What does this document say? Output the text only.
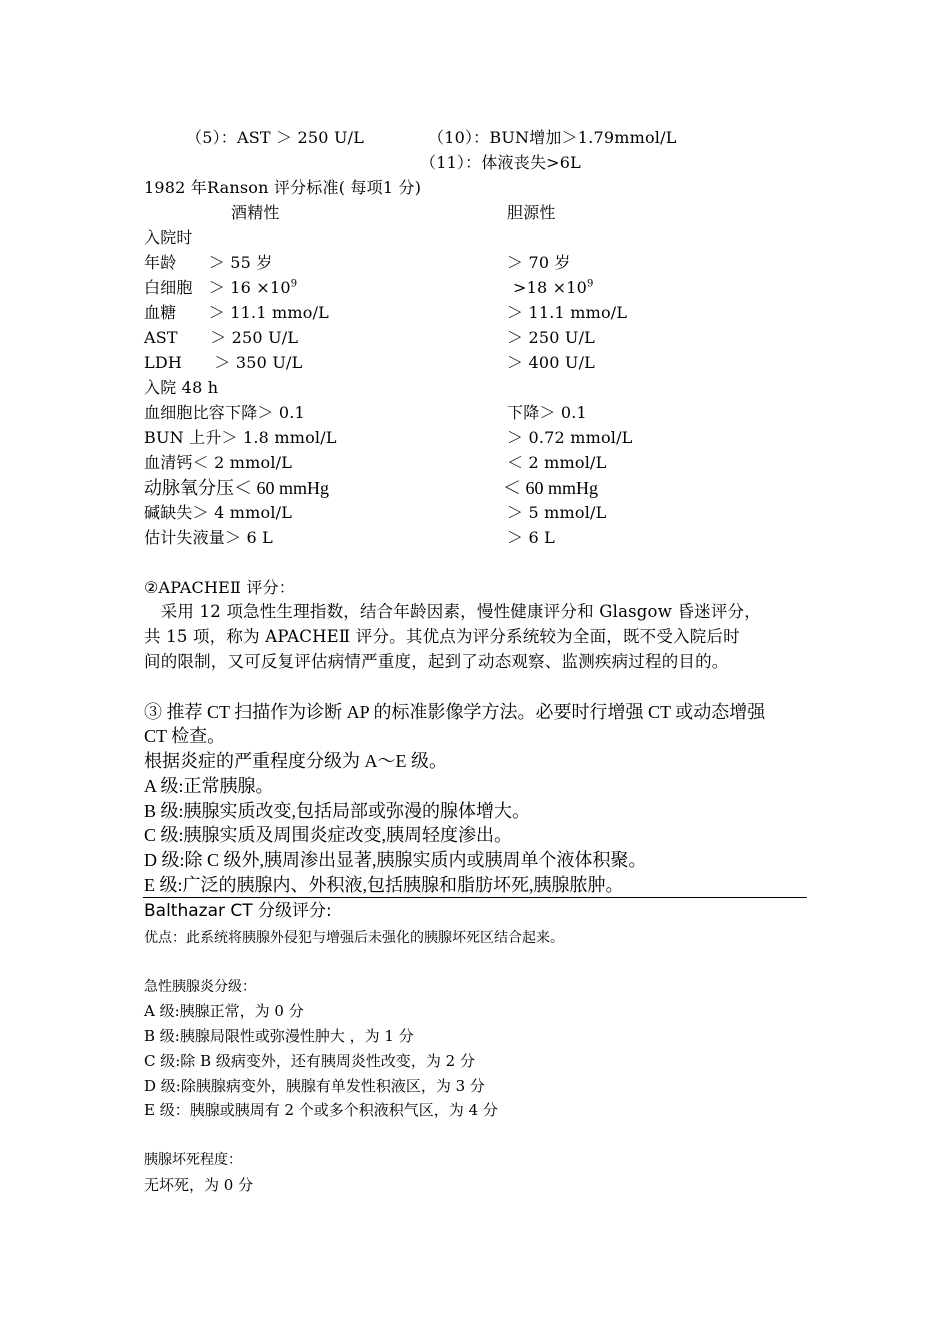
（5）：AST ＞ 250 U/L	（10）：BUN增加＞1.79mmol/L
（11）：体液丧失>6L
1982 年Ranson 评分标准( 每项1 分)
酒精性	胆源性
入院时
年龄　　＞ 55 岁	＞ 70 岁
白细胞　＞ $16 \times 10^9$	$>18 \times 10^9$
血糖　　＞ 11.1 mmo/L	＞ 11.1 mmo/L
AST　　＞ 250 U/L	＞ 250 U/L
LDH　　＞ 350 U/L	＞ 400 U/L
入院 48 h
血细胞比容下降＞ 0.1	下降＞ 0.1
BUN 上升＞ 1.8 mmol/L	＞ 0.72 mmol/L
血清钙＜ 2 mmol/L	＜ 2 mmol/L
动脉氧分压＜ 60 mmHg	＜ 60 mmHg
碱缺失＞ 4 mmol/L	＞ 5 mmol/L
估计失液量＞ 6 L	＞ 6 L
②APACHEⅡ 评分：
　采用 12 项急性生理指数，结合年龄因素，慢性健康评分和 Glasgow 昏迷评分，
共 15 项，称为 APACHEⅡ 评分。其优点为评分系统较为全面，既不受入院后时
间的限制，又可反复评估病情严重度，起到了动态观察、监测疾病过程的目的。
③ 推荐 CT 扫描作为诊断 AP 的标准影像学方法。必要时行增强 CT 或动态增强
CT 检查。
根据炎症的严重程度分级为 A～E 级。
A 级:正常胰腺。
B 级:胰腺实质改变,包括局部或弥漫的腺体增大。
C 级:胰腺实质及周围炎症改变,胰周轻度渗出。
D 级:除 C 级外,胰周渗出显著,胰腺实质内或胰周单个液体积聚。
E 级:广泛的胰腺内、外积液,包括胰腺和脂肪坏死,胰腺脓肿。
Balthazar CT 分级评分:
优点：此系统将胰腺外侵犯与增强后未强化的胰腺坏死区结合起来。
急性胰腺炎分级：
A 级:胰腺正常，为 0 分
B 级:胰腺局限性或弥漫性肿大 ，为 1 分
C 级:除 B 级病变外，还有胰周炎性改变，为 2 分
D 级:除胰腺病变外，胰腺有单发性积液区，为 3 分
E 级：胰腺或胰周有 2 个或多个积液积气区，为 4 分
胰腺坏死程度：
无坏死，为 0 分
